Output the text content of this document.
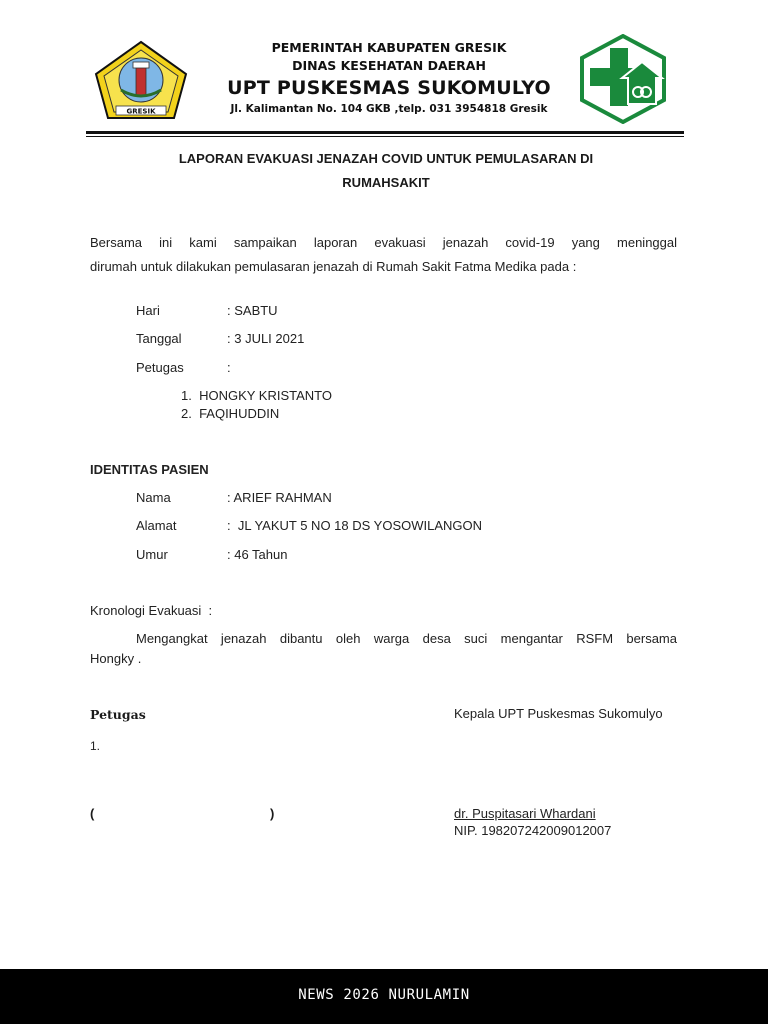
GRESIK
PEMERINTAH KABUPATEN GRESIK
DINAS KESEHATAN DAERAH
UPT PUSKESMAS SUKOMULYO
Jl. Kalimantan No. 104 GKB ,telp. 031 3954818 Gresik
LAPORAN EVAKUASI JENAZAH COVID UNTUK PEMULASARAN DI
RUMAHSAKIT
Bersama ini kami sampaikan laporan evakuasi jenazah covid-19 yang meninggal
dirumah untuk dilakukan pemulasaran jenazah di Rumah Sakit Fatma Medika pada :
Hari	: SABTU
Tanggal	: 3 JULI 2021
Petugas	:
1.  HONGKY KRISTANTO
2.  FAQIHUDDIN
IDENTITAS PASIEN
Nama	: ARIEF RAHMAN
Alamat	:  JL YAKUT 5 NO 18 DS YOSOWILANGON
Umur	: 46 Tahun
Kronologi Evakuasi  :
Mengangkat jenazah dibantu oleh warga desa suci mengantar RSFM bersama
Hongky .
Petugas	Kepala UPT Puskesmas Sukomulyo
1.
(	)	dr. Puspitasari Whardani
NIP. 198207242009012007
NEWS 2026 NURULAMIN
